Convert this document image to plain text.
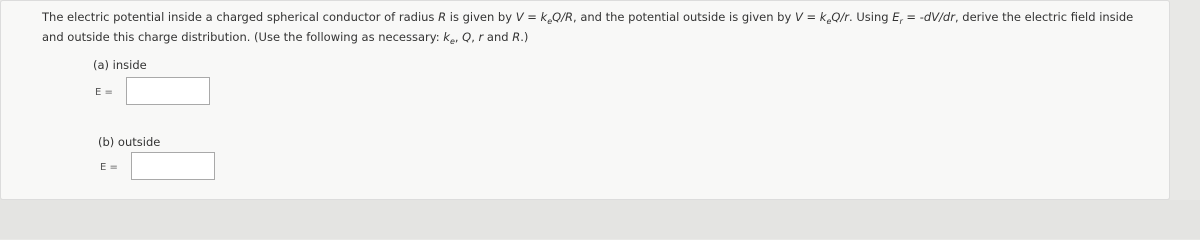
The electric potential inside a charged spherical conductor of radius R is given by $V = k_eQ/R$, and the potential outside is given by $V = k_eQ/r$. Using $E_r = -dV/dr$, derive the electric field inside and outside this charge distribution. (Use the following as necessary: $k_e$, Q, r and R.)

(a) inside
E =
(b) outside
E =
